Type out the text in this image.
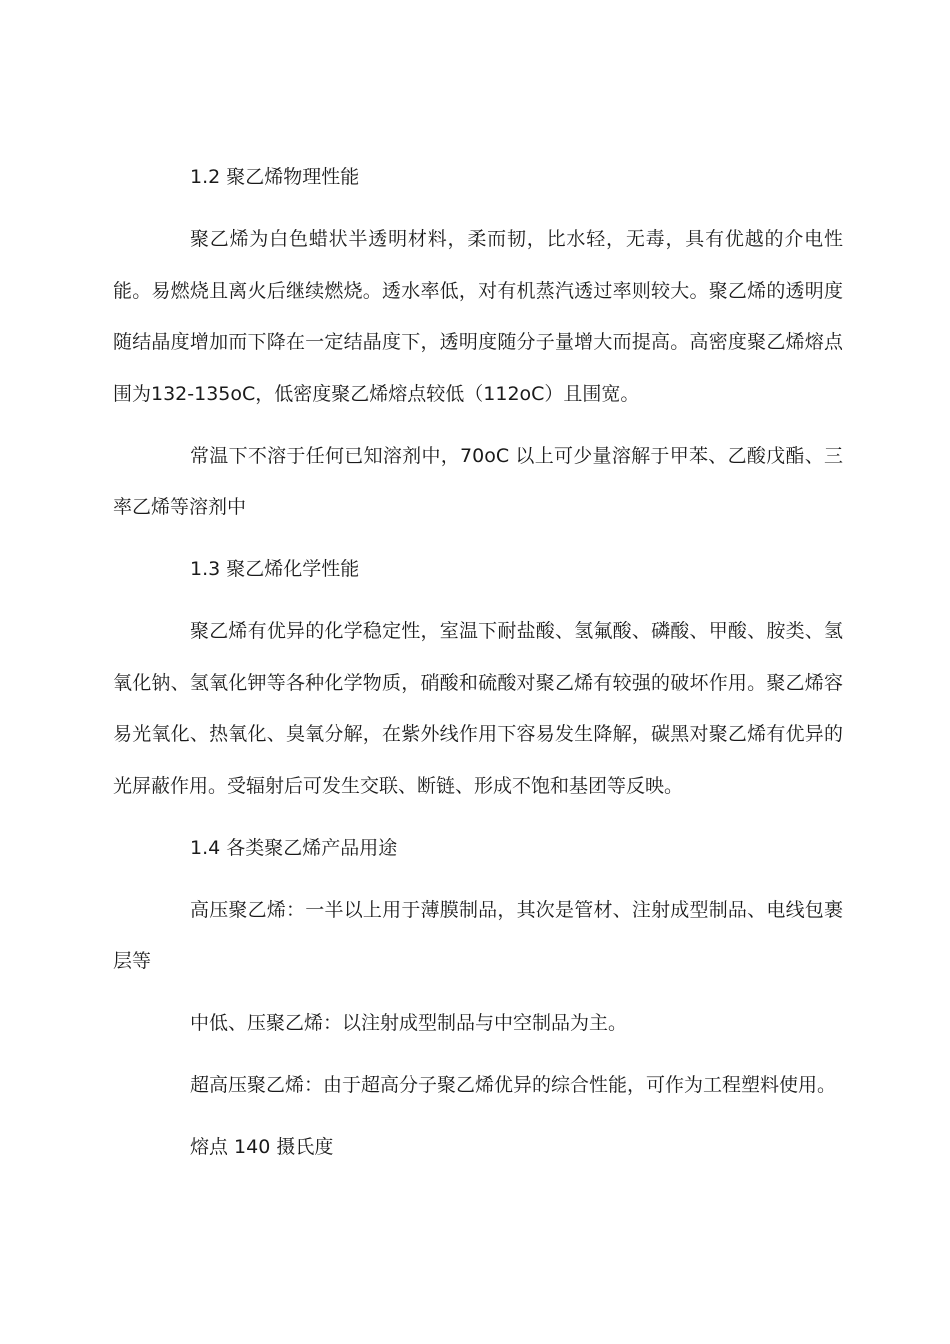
1.2 聚乙烯物理性能

聚乙烯为白色蜡状半透明材料，柔而韧，比水轻，无毒，具有优越的介电性能。易燃烧且离火后继续燃烧。透水率低，对有机蒸汽透过率则较大。聚乙烯的透明度随结晶度增加而下降在一定结晶度下，透明度随分子量增大而提高。高密度聚乙烯熔点围为132-135oC，低密度聚乙烯熔点较低（112oC）且围宽。

常温下不溶于任何已知溶剂中，70oC 以上可少量溶解于甲苯、乙酸戊酯、三率乙烯等溶剂中

1.3 聚乙烯化学性能

聚乙烯有优异的化学稳定性，室温下耐盐酸、氢氟酸、磷酸、甲酸、胺类、氢氧化钠、氢氧化钾等各种化学物质，硝酸和硫酸对聚乙烯有较强的破坏作用。聚乙烯容易光氧化、热氧化、臭氧分解，在紫外线作用下容易发生降解，碳黑对聚乙烯有优异的光屏蔽作用。受辐射后可发生交联、断链、形成不饱和基团等反映。

1.4 各类聚乙烯产品用途

高压聚乙烯：一半以上用于薄膜制品，其次是管材、注射成型制品、电线包裹层等

中低、压聚乙烯：以注射成型制品与中空制品为主。

超高压聚乙烯：由于超高分子聚乙烯优异的综合性能，可作为工程塑料使用。

熔点 140 摄氏度
